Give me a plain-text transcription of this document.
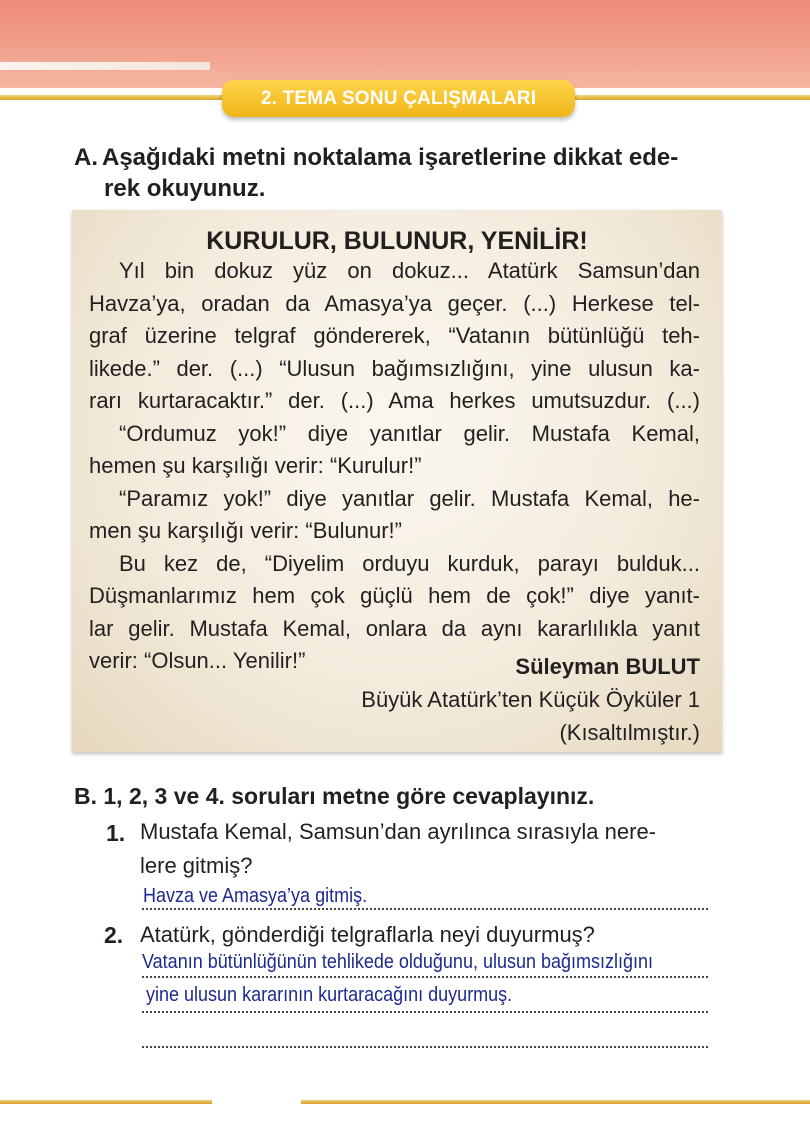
2. TEMA SONU ÇALIŞMALARI
Aşağıdaki metni noktalama işaretlerine dikkat ede-
rek okuyunuz.
A.
KURULUR, BULUNUR, YENİLİR!
Yıl bin dokuz yüz on dokuz... Atatürk Samsun’dan
Havza’ya, oradan da Amasya’ya geçer. (...) Herkese tel-
graf üzerine telgraf göndererek, “Vatanın bütünlüğü teh-
likede.” der. (...) “Ulusun bağımsızlığını, yine ulusun ka-
rarı kurtaracaktır.” der. (...) Ama herkes umutsuzdur. (...)
“Ordumuz yok!” diye yanıtlar gelir. Mustafa Kemal,
hemen şu karşılığı verir: “Kurulur!”
“Paramız yok!” diye yanıtlar gelir. Mustafa Kemal, he-
men şu karşılığı verir: “Bulunur!”
Bu kez de, “Diyelim orduyu kurduk, parayı bulduk...
Düşmanlarımız hem çok güçlü hem de çok!” diye yanıt-
lar gelir. Mustafa Kemal, onlara da aynı kararlılıkla yanıt
verir: “Olsun... Yenilir!”	Süleyman BULUT
Büyük Atatürk’ten Küçük Öyküler 1
(Kısaltılmıştır.)
B. 1, 2, 3 ve 4. soruları metne göre cevaplayınız.
1. Mustafa Kemal, Samsun’dan ayrılınca sırasıyla nere-
lere gitmiş?
Havza ve Amasya’ya gitmiş.
2. Atatürk, gönderdiği telgraflarla neyi duyurmuş?
Vatanın bütünlüğünün tehlikede olduğunu, ulusun bağımsızlığını
yine ulusun kararının kurtaracağını duyurmuş.
